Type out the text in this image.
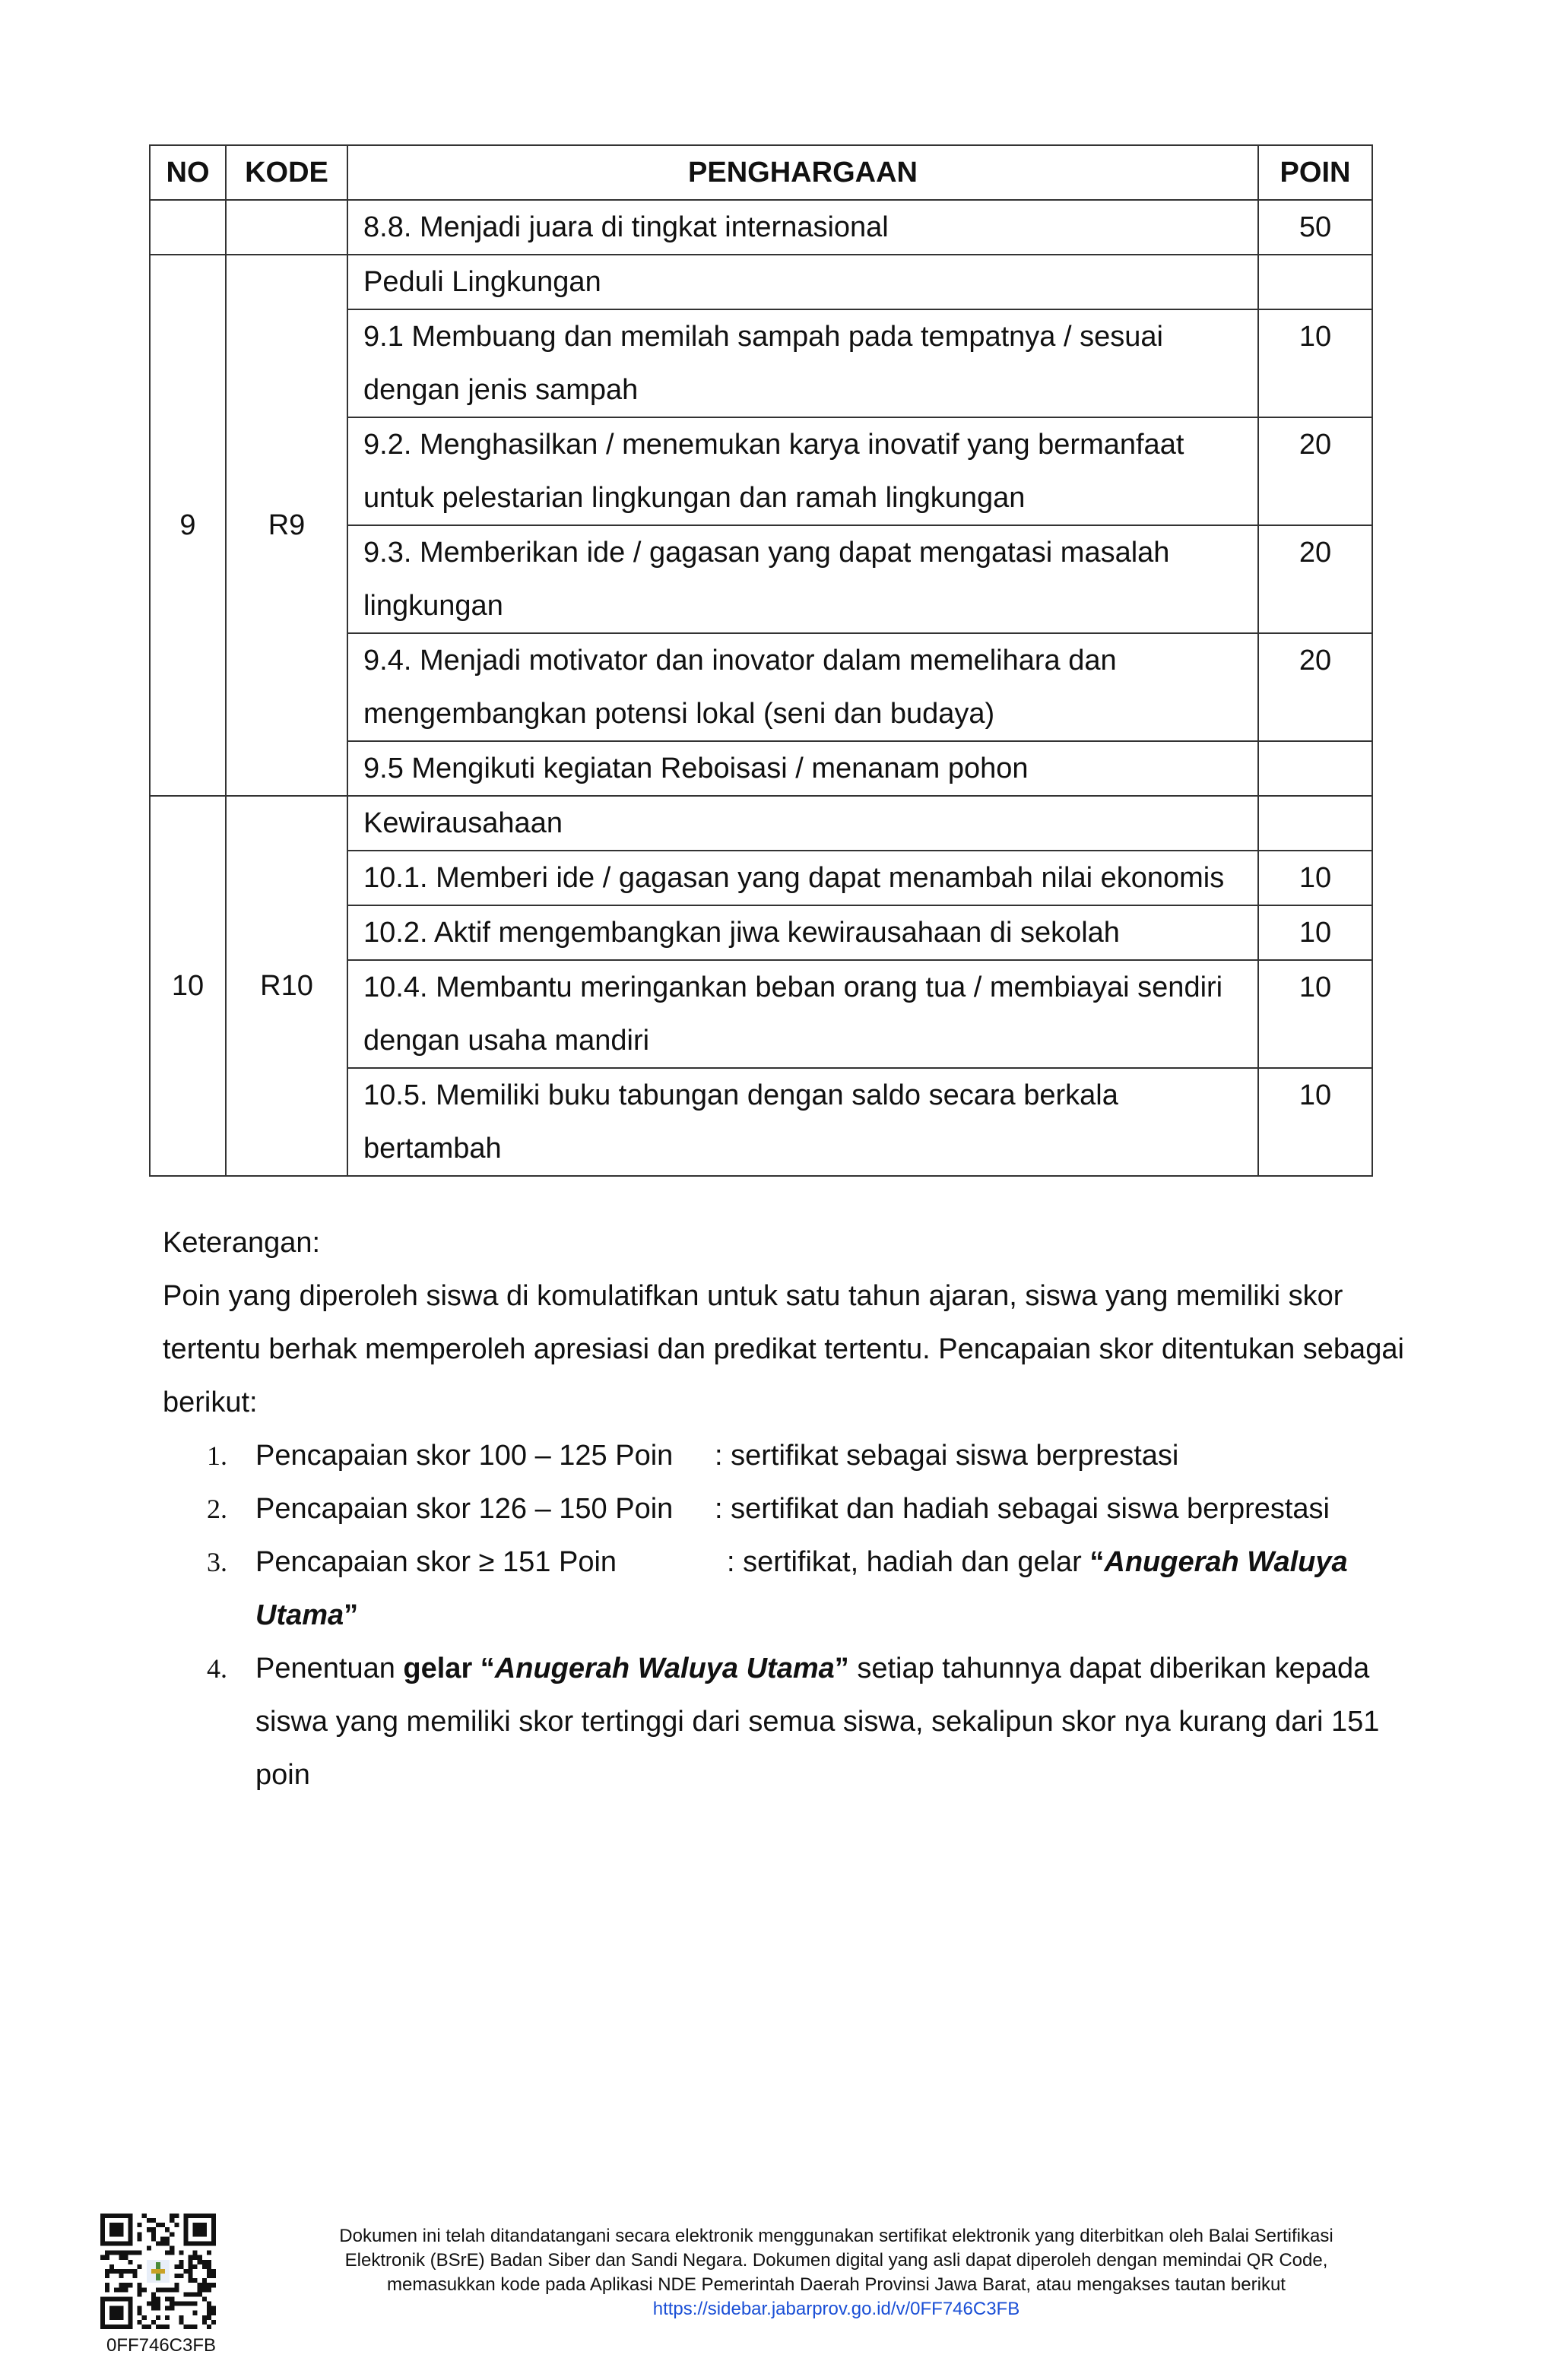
NO	KODE	PENGHARGAAN	POIN
		8.8. Menjadi juara di tingkat internasional	50
9	R9	Peduli Lingkungan	
		9.1 Membuang dan memilah sampah pada tempatnya / sesuai dengan jenis sampah	10
		9.2. Menghasilkan / menemukan karya inovatif yang bermanfaat untuk pelestarian lingkungan dan ramah lingkungan	20
		9.3. Memberikan ide / gagasan yang dapat mengatasi masalah lingkungan	20
		9.4. Menjadi motivator dan inovator dalam memelihara dan mengembangkan potensi lokal (seni dan budaya)	20
		9.5 Mengikuti kegiatan Reboisasi / menanam pohon	
10	R10	Kewirausahaan	
		10.1. Memberi ide / gagasan yang dapat menambah nilai ekonomis	10
		10.2. Aktif mengembangkan jiwa kewirausahaan di sekolah	10
		10.4. Membantu meringankan beban orang tua / membiayai sendiri dengan usaha mandiri	10
		10.5. Memiliki buku tabungan dengan saldo secara berkala bertambah	10

Keterangan:

Poin yang diperoleh siswa di komulatifkan untuk satu tahun ajaran, siswa yang memiliki skor tertentu berhak memperoleh apresiasi dan predikat tertentu. Pencapaian skor ditentukan sebagai berikut:

1. Pencapaian skor 100 – 125 Poin : sertifikat sebagai siswa berprestasi
2. Pencapaian skor 126 – 150 Poin : sertifikat dan hadiah sebagai siswa berprestasi
3. Pencapaian skor ≥ 151 Poin	: sertifikat, hadiah dan gelar “Anugerah Waluya Utama”
4. Penentuan gelar “Anugerah Waluya Utama” setiap tahunnya dapat diberikan kepada siswa yang memiliki skor tertinggi dari semua siswa, sekalipun skor nya kurang dari 151 poin
0FF746C3FB
Dokumen ini telah ditandatangani secara elektronik menggunakan sertifikat elektronik yang diterbitkan oleh Balai Sertifikasi
Elektronik (BSrE) Badan Siber dan Sandi Negara. Dokumen digital yang asli dapat diperoleh dengan memindai QR Code,
memasukkan kode pada Aplikasi NDE Pemerintah Daerah Provinsi Jawa Barat, atau mengakses tautan berikut
https://sidebar.jabarprov.go.id/v/0FF746C3FB
